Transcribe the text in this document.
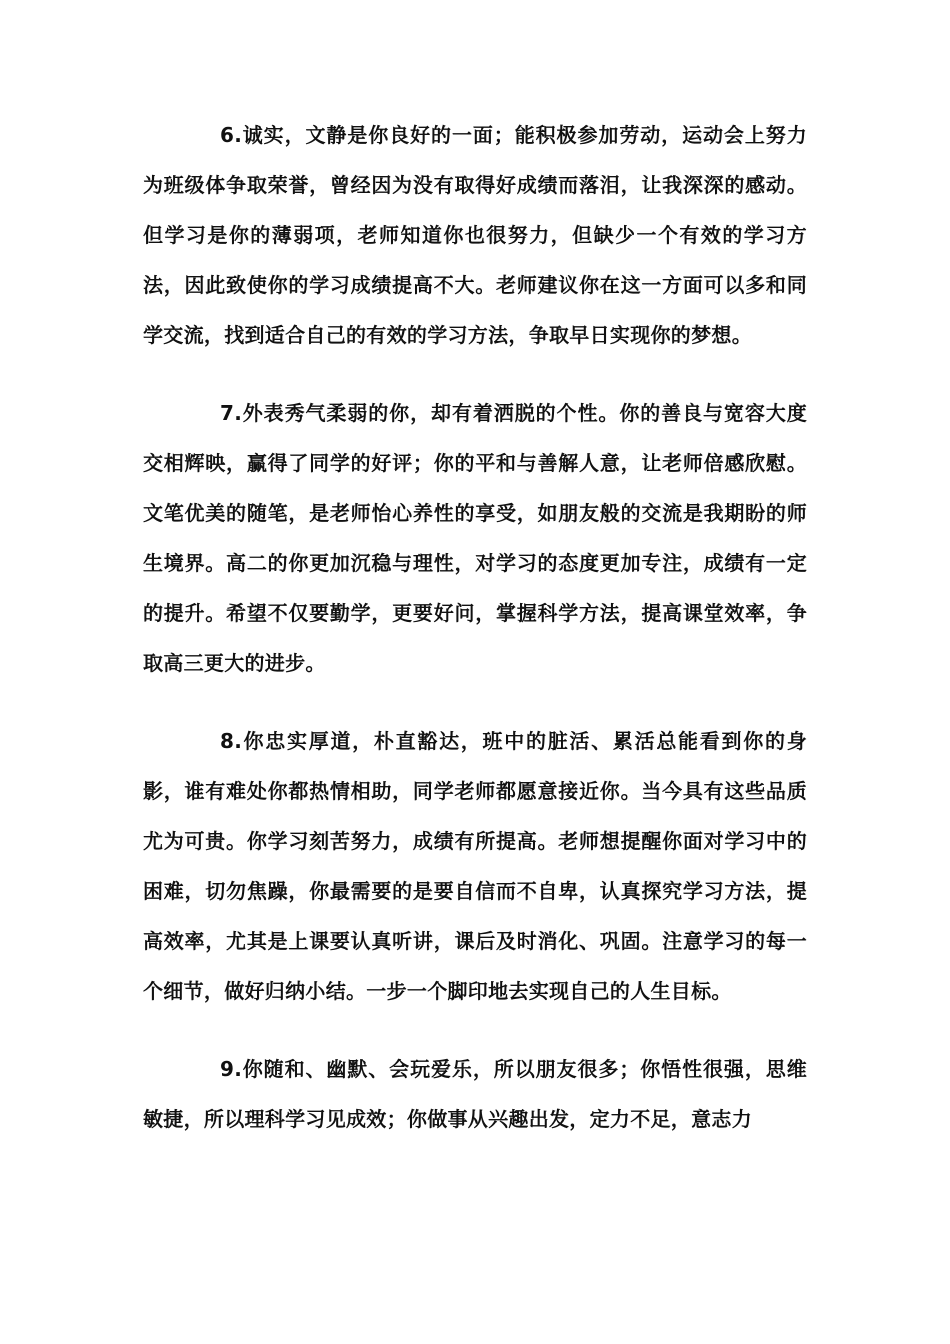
6.诚实，文静是你良好的一面；能积极参加劳动，运动会上努力为班级体争取荣誉，曾经因为没有取得好成绩而落泪，让我深深的感动。但学习是你的薄弱项，老师知道你也很努力，但缺少一个有效的学习方法，因此致使你的学习成绩提高不大。老师建议你在这一方面可以多和同学交流，找到适合自己的有效的学习方法，争取早日实现你的梦想。

7.外表秀气柔弱的你，却有着洒脱的个性。你的善良与宽容大度交相辉映，赢得了同学的好评；你的平和与善解人意，让老师倍感欣慰。文笔优美的随笔，是老师怡心养性的享受，如朋友般的交流是我期盼的师生境界。高二的你更加沉稳与理性，对学习的态度更加专注，成绩有一定的提升。希望不仅要勤学，更要好问，掌握科学方法，提高课堂效率，争取高三更大的进步。

8.你忠实厚道，朴直豁达，班中的脏活、累活总能看到你的身影，谁有难处你都热情相助，同学老师都愿意接近你。当今具有这些品质尤为可贵。你学习刻苦努力，成绩有所提高。老师想提醒你面对学习中的困难，切勿焦躁，你最需要的是要自信而不自卑，认真探究学习方法，提高效率，尤其是上课要认真听讲，课后及时消化、巩固。注意学习的每一个细节，做好归纳小结。一步一个脚印地去实现自己的人生目标。

9.你随和、幽默、会玩爱乐，所以朋友很多；你悟性很强，思维敏捷，所以理科学习见成效；你做事从兴趣出发，定力不足，意志力
